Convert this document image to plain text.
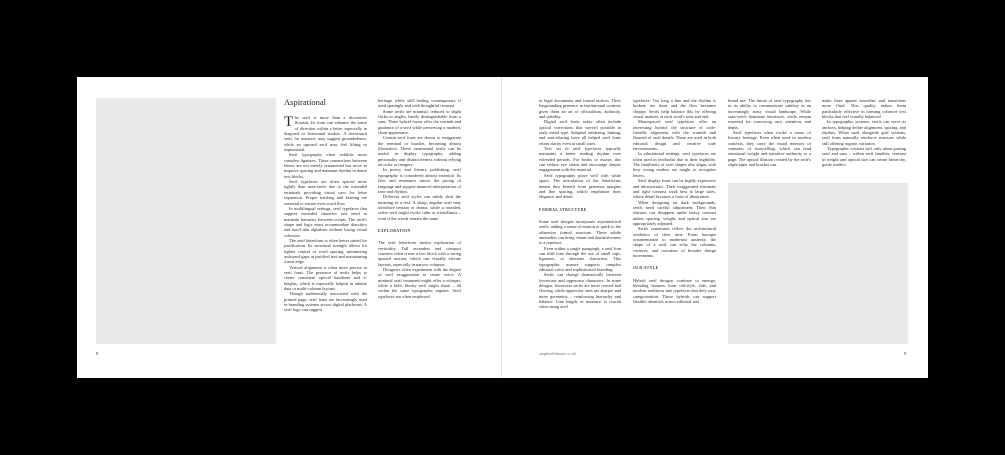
Aspirational

The serif is more than a decorative flourish. Its form can enhance the sense of direction within a letter, especially in diagonal or horizontal strokes. A downward serif, for instance, may suggest groundedness, while an upward serif may feel lifting or aspirational.

Serif typography often exhibits more complex ligatures. These connections between letters are not merely ornamental but serve to improve spacing and maintain rhythm in dense text blocks.

Serif typefaces are often spaced more tightly than sans-serifs due to the extended terminals providing visual cues for letter separation. Proper tracking and kerning are essential to ensure even word flow.

In multilingual settings, serif typefaces that support extended character sets need to maintain harmony between scripts. The serif's shape and logic must accommodate diacritics and non-Latin alphabets without losing visual cohesion.

The serif letterform is often better suited for justification. Its structural strength allows for tighter control of word spacing, minimizing awkward gaps in justified text and maintaining a neat edge.

Vertical alignment is often more precise in serif fonts. The presence of serifs helps to create consistent optical baselines and x-heights, which is especially helpful in tabular data or multi-column layouts.

Though traditionally associated with the printed page, serif fonts are increasingly used in branding systems across digital platforms. A serif logo can suggest

heritage while still feeling contemporary if used sparingly and with thoughtful contrast.

Some serifs are minimal, reduced to slight flicks or angles, barely distinguishable from a sans. These hybrid forms offer the warmth and guidance of a serif while preserving a modern, clean appearance.

Certain serif fonts are drawn to exaggerate the terminal or bracket, becoming almost illustrative. These ornamental serifs can be useful in display typography, adding personality and distinctiveness without relying on color or imagery.

In poetry and literary publishing, serif typography is considered almost essential. Its flow and resonance mirror the pacing of language and support nuanced interpretation of tone and rhythm.

Different serif styles can subtly shift the meaning of a text. A sharp, angular serif may introduce tension or drama, while a rounded, softer serif might evoke calm or friendliness – even if the words remain the same.

EXPLORATION

The serif letterform invites exploration of verticality. Tall ascenders and compact counters often create a text block with a strong upward motion, which can visually elevate layouts, especially in narrow columns.

Designers often experiment with the degree of serif exaggeration to create voice. A minimal serif treatment might offer a whisper, while a bold, blocky serif might shout – all within the same typographic register. Serif typefaces are often employed

8

in legal documents and formal notices. Their longstanding presence in institutional contexts gives them an air of officialdom, authority, and stability.

Digital serif fonts today often include optical corrections that weren't possible in early metal type. Subpixel rendering, hinting, and anti-aliasing have all helped serif fonts retain clarity even at small sizes.

Text set in serif typefaces typically maintains a better reading rhythm over extended periods. For books or essays, this can reduce eye strain and encourage deeper engagement with the material.

Serif typography plays well with white space. The articulation of the letterforms means they benefit from generous margins and line spacing, which emphasize their elegance and detail.

FORMAL STRUCTURE

Some serif designs incorporate asymmetrical serifs, adding a sense of motion or quirk to the otherwise formal structure. These subtle anomalies can bring charm and distinctiveness to a typeface.

Even within a single paragraph, a serif font can shift tone through the use of small caps, ligatures, or alternate characters. This typographic nuance supports complex editorial voice and sophisticated branding.

Serifs can change dramatically between lowercase and uppercase characters. In some designs, lowercase serifs are more curved and flowing, while uppercase ones are sharper and more geometric – reinforcing hierarchy and balance. Line length, or measure, is crucial when using serif

typefaces. Too long a line and the rhythm is broken; too short and the flow becomes choppy. Serifs help balance this by offering visual markers at each word's start and end.

Monospaced serif typefaces offer an interesting hybrid: the structure of code-friendly alignment with the warmth and flourish of serif details. These are used in both editorial design and creative code environments.

In educational settings, serif typefaces are often used in textbooks due to their legibility. The familiarity of serif shapes also aligns with how young readers are taught to recognize letters.

Serif display fonts can be highly expressive and idiosyncratic. Their exaggerated terminals and tight contrast work best at large sizes, where detail becomes a form of illustration.

When designing on dark backgrounds, serifs need careful adjustment. Their thin features can disappear under heavy contrast unless spacing, weight, and optical size are appropriately adjusted.

Serifs sometimes reflect the architectural aesthetics of their time. From baroque ornamentation to modernist austerity, the shape of a serif can echo the columns, cornices, and curvature of broader design movements.

OLD-STYLE

Hybrid serif designs continue to emerge, blending features from old-style, slab, and modern traditions into typefaces that defy easy categorization. These hybrids can support flexible identities across editorial and

brand use. The future of serif typography lies in its ability to communicate subtlety in an increasingly noisy visual landscape. While sans-serifs dominate interfaces, serifs remain essential for conveying care, attention, and depth.

Serif typefaces often evoke a sense of literary heritage. Even when used in modern contexts, they carry the visual memory of centuries of storytelling, which can lend emotional weight and narrative authority to a page. The optical illusion created by the serif's slight taper and bracket can

make lines appear smoother and transitions more fluid. This quality makes them particularly effective in forming cohesive text blocks that feel visually balanced.

In typographic systems, serifs can serve as anchors, helping define alignment, spacing, and rhythm. When used alongside grid systems, serif fonts naturally reinforce structure while still offering organic variation.

Typographic contrast isn't only about pairing serif and sans – within serif families, contrast in weight and optical size can create hierarchy, guide readers.

stephenlehman.co.uk	9
